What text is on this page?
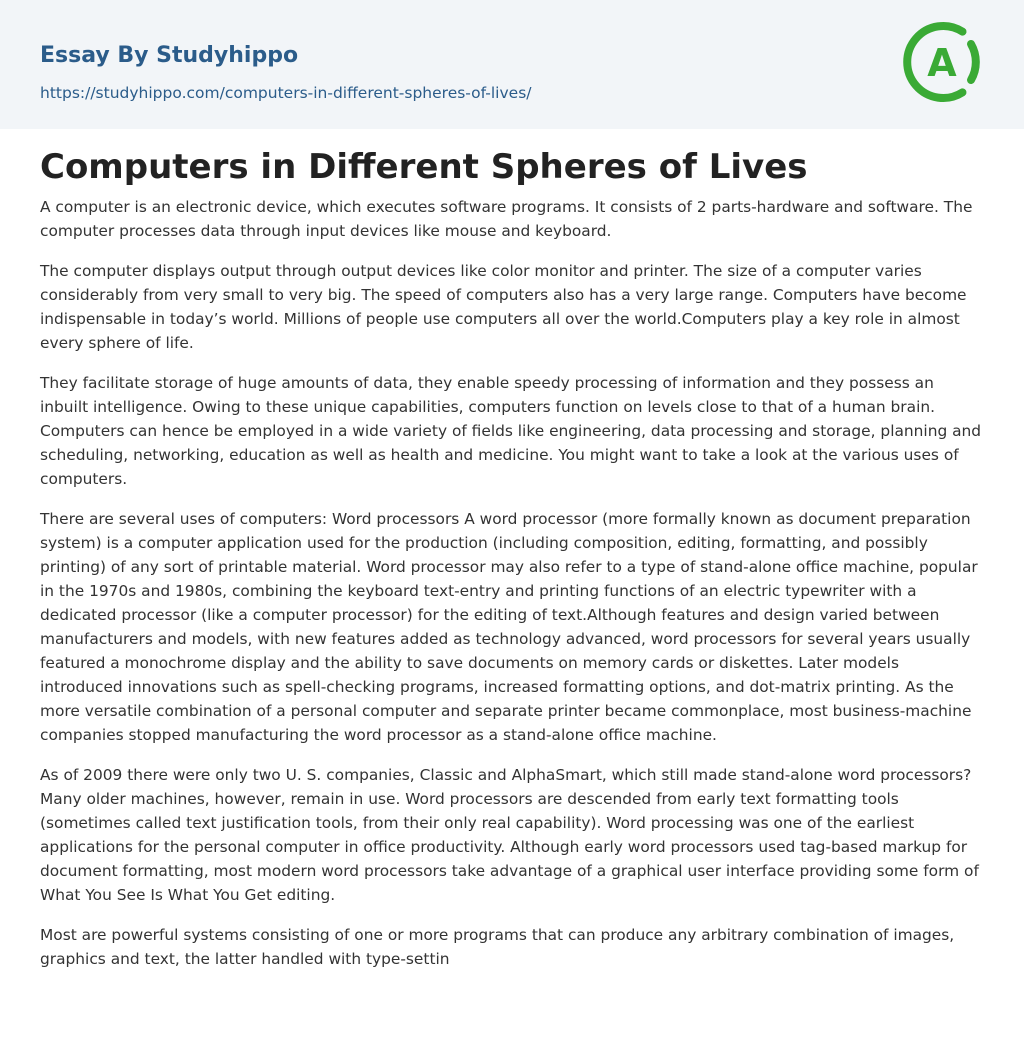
Essay By Studyhippo
https://studyhippo.com/computers-in-different-spheres-of-lives/
A
Computers in Different Spheres of Lives

A computer is an electronic device, which executes software programs. It consists of 2 parts-hardware and software. The computer processes data through input devices like mouse and keyboard.

The computer displays output through output devices like color monitor and printer. The size of a computer varies considerably from very small to very big. The speed of computers also has a very large range. Computers have become indispensable in today’s world. Millions of people use computers all over the world.Computers play a key role in almost every sphere of life.

They facilitate storage of huge amounts of data, they enable speedy processing of information and they possess an inbuilt intelligence. Owing to these unique capabilities, computers function on levels close to that of a human brain. Computers can hence be employed in a wide variety of fields like engineering, data processing and storage, planning and scheduling, networking, education as well as health and medicine. You might want to take a look at the various uses of computers.

There are several uses of computers: Word processors A word processor (more formally known as document preparation system) is a computer application used for the production (including composition, editing, formatting, and possibly printing) of any sort of printable material. Word processor may also refer to a type of stand-alone office machine, popular in the 1970s and 1980s, combining the keyboard text-entry and printing functions of an electric typewriter with a dedicated processor (like a computer processor) for the editing of text.Although features and design varied between manufacturers and models, with new features added as technology advanced, word processors for several years usually featured a monochrome display and the ability to save documents on memory cards or diskettes. Later models introduced innovations such as spell-checking programs, increased formatting options, and dot-matrix printing. As the more versatile combination of a personal computer and separate printer became commonplace, most business-machine companies stopped manufacturing the word processor as a stand-alone office machine.

As of 2009 there were only two U. S. companies, Classic and AlphaSmart, which still made stand-alone word processors? Many older machines, however, remain in use. Word processors are descended from early text formatting tools (sometimes called text justification tools, from their only real capability). Word processing was one of the earliest applications for the personal computer in office productivity. Although early word processors used tag-based markup for document formatting, most modern word processors take advantage of a graphical user interface providing some form of What You See Is What You Get editing.

Most are powerful systems consisting of one or more programs that can produce any arbitrary combination of images, graphics and text, the latter handled with type-settin
